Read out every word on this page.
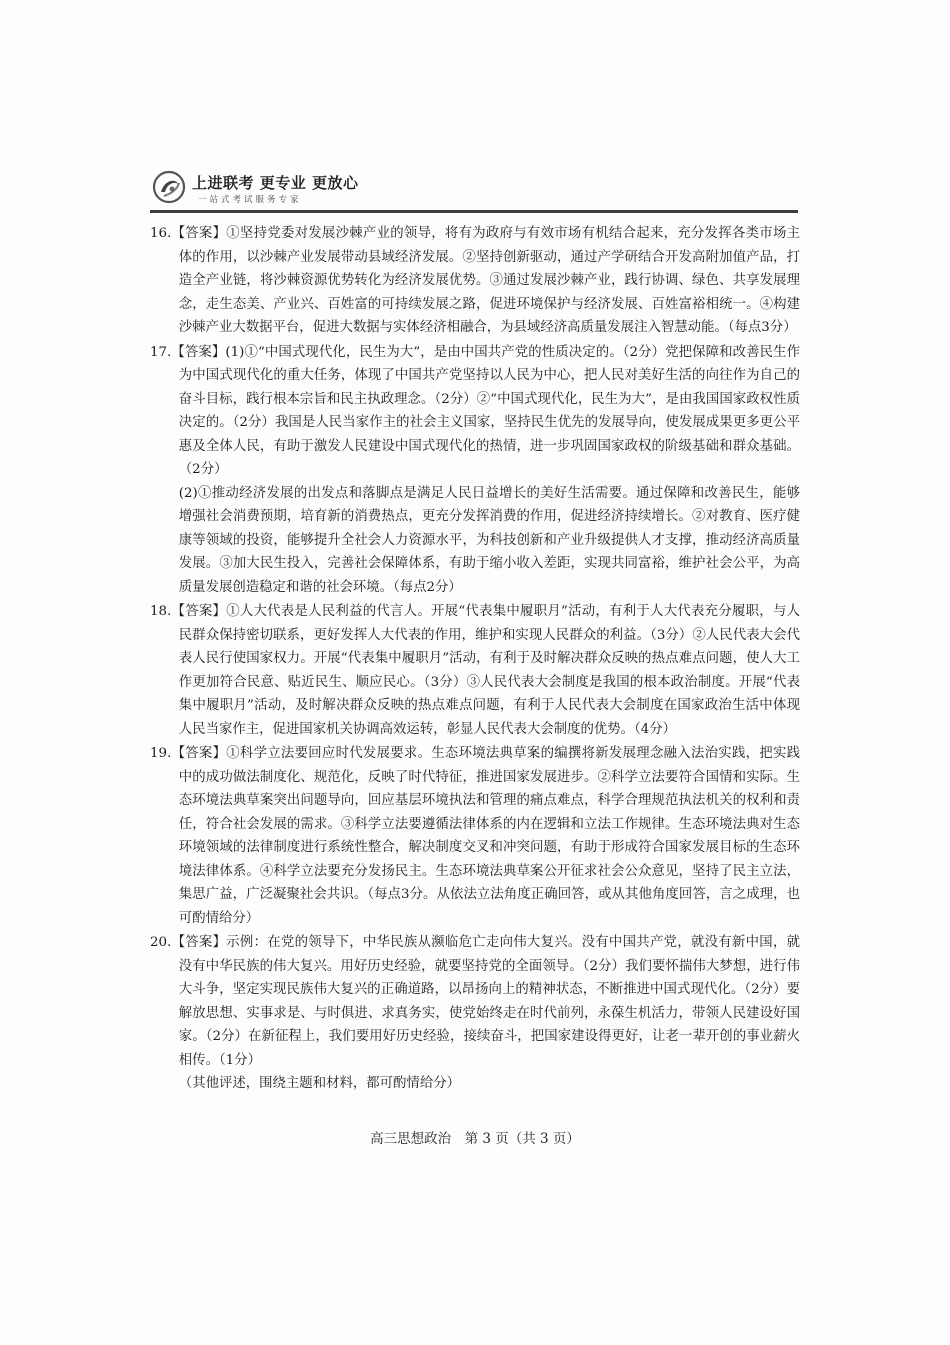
上进联考 更专业 更放心
一站式考试服务专家

16.【答案】①坚持党委对发展沙棘产业的领导，将有为政府与有效市场有机结合起来，充分发挥各类市场主体的作用，以沙棘产业发展带动县域经济发展。②坚持创新驱动，通过产学研结合开发高附加值产品，打造全产业链，将沙棘资源优势转化为经济发展优势。③通过发展沙棘产业，践行协调、绿色、共享发展理念，走生态美、产业兴、百姓富的可持续发展之路，促进环境保护与经济发展、百姓富裕相统一。④构建沙棘产业大数据平台，促进大数据与实体经济相融合，为县域经济高质量发展注入智慧动能。（每点3分）

17.【答案】(1)①“中国式现代化，民生为大”，是由中国共产党的性质决定的。（2分）党把保障和改善民生作为中国式现代化的重大任务，体现了中国共产党坚持以人民为中心，把人民对美好生活的向往作为自己的奋斗目标，践行根本宗旨和民主执政理念。（2分）②“中国式现代化，民生为大”，是由我国国家政权性质决定的。（2分）我国是人民当家作主的社会主义国家，坚持民生优先的发展导向，使发展成果更多更公平惠及全体人民，有助于激发人民建设中国式现代化的热情，进一步巩固国家政权的阶级基础和群众基础。（2分）

(2)①推动经济发展的出发点和落脚点是满足人民日益增长的美好生活需要。通过保障和改善民生，能够增强社会消费预期，培育新的消费热点，更充分发挥消费的作用，促进经济持续增长。②对教育、医疗健康等领域的投资，能够提升全社会人力资源水平，为科技创新和产业升级提供人才支撑，推动经济高质量发展。③加大民生投入，完善社会保障体系，有助于缩小收入差距，实现共同富裕，维护社会公平，为高质量发展创造稳定和谐的社会环境。（每点2分）

18.【答案】①人大代表是人民利益的代言人。开展“代表集中履职月”活动，有利于人大代表充分履职，与人民群众保持密切联系，更好发挥人大代表的作用，维护和实现人民群众的利益。（3分）②人民代表大会代表人民行使国家权力。开展“代表集中履职月”活动，有利于及时解决群众反映的热点难点问题，使人大工作更加符合民意、贴近民生、顺应民心。（3分）③人民代表大会制度是我国的根本政治制度。开展“代表集中履职月”活动，及时解决群众反映的热点难点问题，有利于人民代表大会制度在国家政治生活中体现人民当家作主，促进国家机关协调高效运转，彰显人民代表大会制度的优势。（4分）

19.【答案】①科学立法要回应时代发展要求。生态环境法典草案的编撰将新发展理念融入法治实践，把实践中的成功做法制度化、规范化，反映了时代特征，推进国家发展进步。②科学立法要符合国情和实际。生态环境法典草案突出问题导向，回应基层环境执法和管理的痛点难点，科学合理规范执法机关的权利和责任，符合社会发展的需求。③科学立法要遵循法律体系的内在逻辑和立法工作规律。生态环境法典对生态环境领域的法律制度进行系统性整合，解决制度交叉和冲突问题，有助于形成符合国家发展目标的生态环境法律体系。④科学立法要充分发扬民主。生态环境法典草案公开征求社会公众意见，坚持了民主立法，集思广益，广泛凝聚社会共识。（每点3分。从依法立法角度正确回答，或从其他角度回答，言之成理，也可酌情给分）

20.【答案】示例：在党的领导下，中华民族从濒临危亡走向伟大复兴。没有中国共产党，就没有新中国，就没有中华民族的伟大复兴。用好历史经验，就要坚持党的全面领导。（2分）我们要怀揣伟大梦想，进行伟大斗争，坚定实现民族伟大复兴的正确道路，以昂扬向上的精神状态，不断推进中国式现代化。（2分）要解放思想、实事求是、与时俱进、求真务实，使党始终走在时代前列，永葆生机活力，带领人民建设好国家。（2分）在新征程上，我们要用好历史经验，接续奋斗，把国家建设得更好，让老一辈开创的事业薪火相传。（1分）

（其他评述，围绕主题和材料，都可酌情给分）

高三思想政治　第 3 页（共 3 页）
